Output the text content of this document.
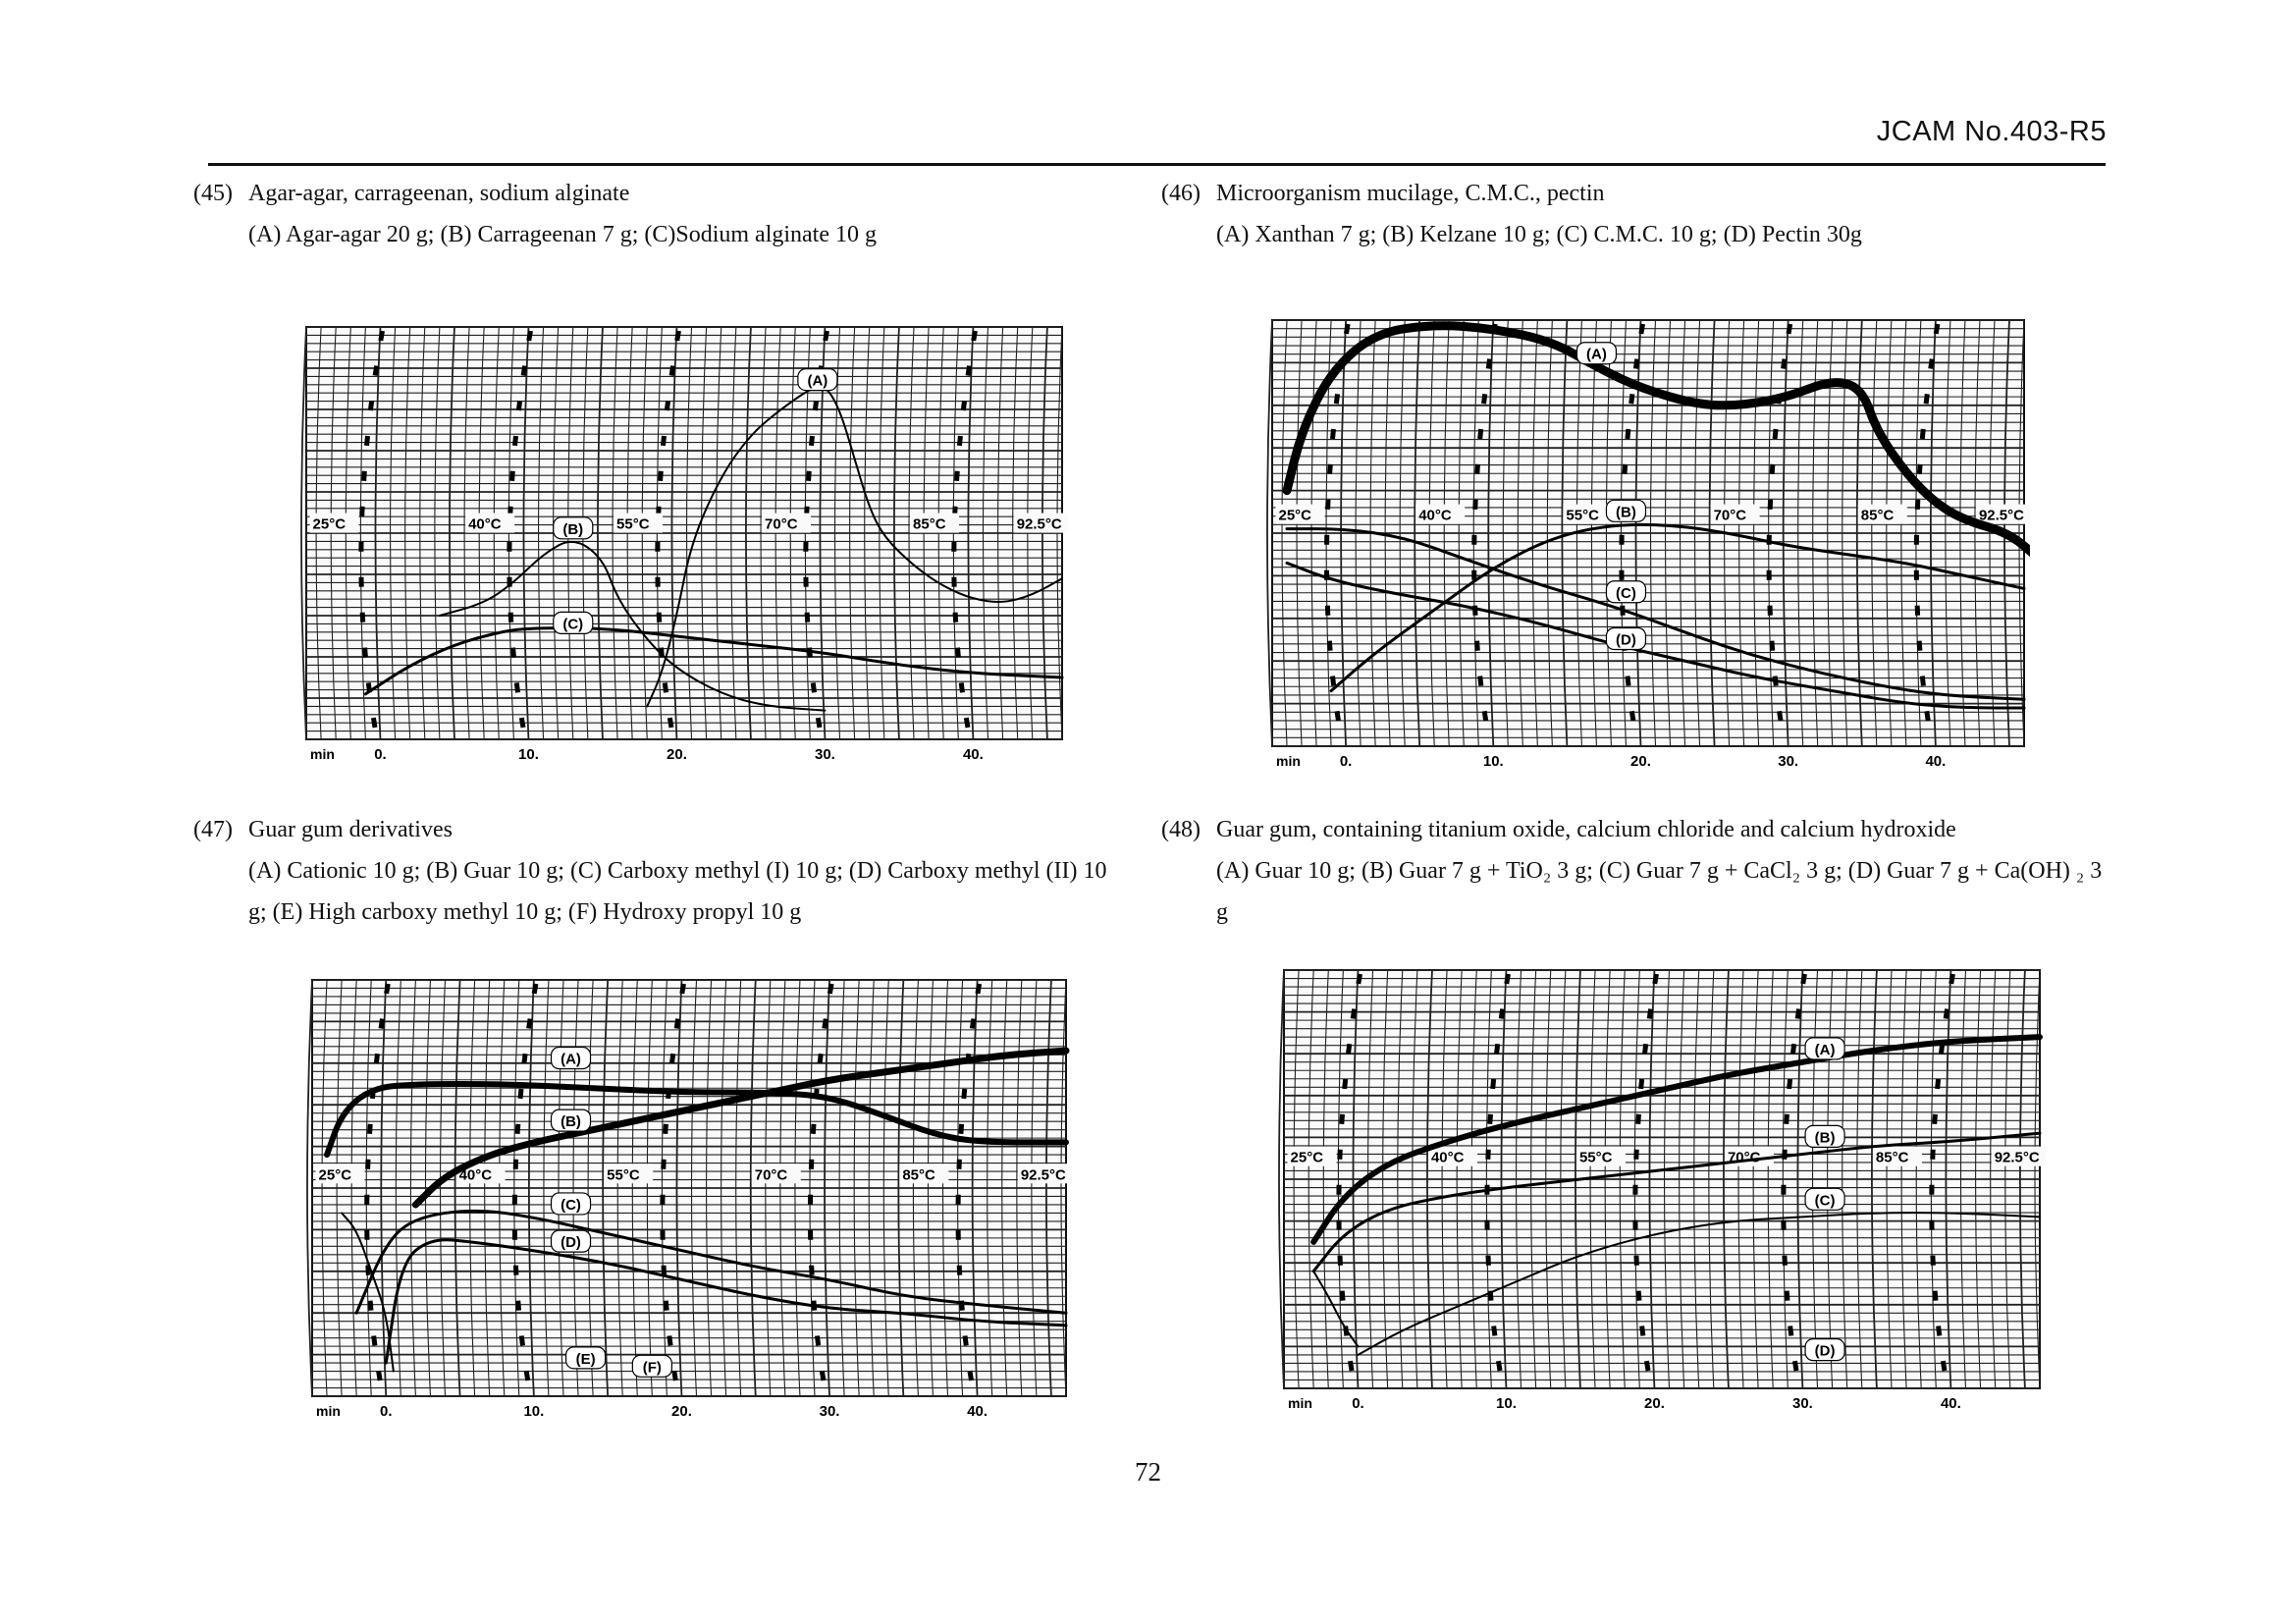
JCAM No.403-R5
(45) Agar-agar, carrageenan, sodium alginate
(A) Agar-agar 20 g; (B) Carrageenan 7 g; (C)Sodium alginate 10 g
(46) Microorganism mucilage, C.M.C., pectin
(A) Xanthan 7 g; (B) Kelzane 10 g; (C) C.M.C. 10 g; (D) Pectin 30g
(47) Guar gum derivatives

(A) Cationic 10 g; (B) Guar 10 g; (C) Carboxy methyl (I) 10 g; (D) Carboxy methyl (II) 10 g; (E) High carboxy methyl 10 g; (F) Hydroxy propyl 10 g
(48) Guar gum, containing titanium oxide, calcium chloride and calcium hydroxide

(A) Guar 10 g; (B) Guar 7 g + TiO₂ 3 g; (C) Guar 7 g + CaCl₂ 3 g; (D) Guar 7 g + Ca(OH) ₂ 3 g
25°C	40°C	55°C	70°C	85°C	92.5°C
(A)
(B)
(C)
min	0.	10.	20.	30.	40.
25°C	40°C	55°C	70°C	85°C	92.5°C
(A)
(B)
(C)
(D)
min	0.	10.	20.	30.	40.
25°C	40°C	55°C	70°C	85°C	92.5°C
(A)
(B)
(C)
(D)
(E)	(F)
min	0.	10.	20.	30.	40.
25°C	40°C	55°C	70°C	85°C	92.5°C
(A)
(B)
(C)
(D)
min	0.	10.	20.	30.	40.
72
